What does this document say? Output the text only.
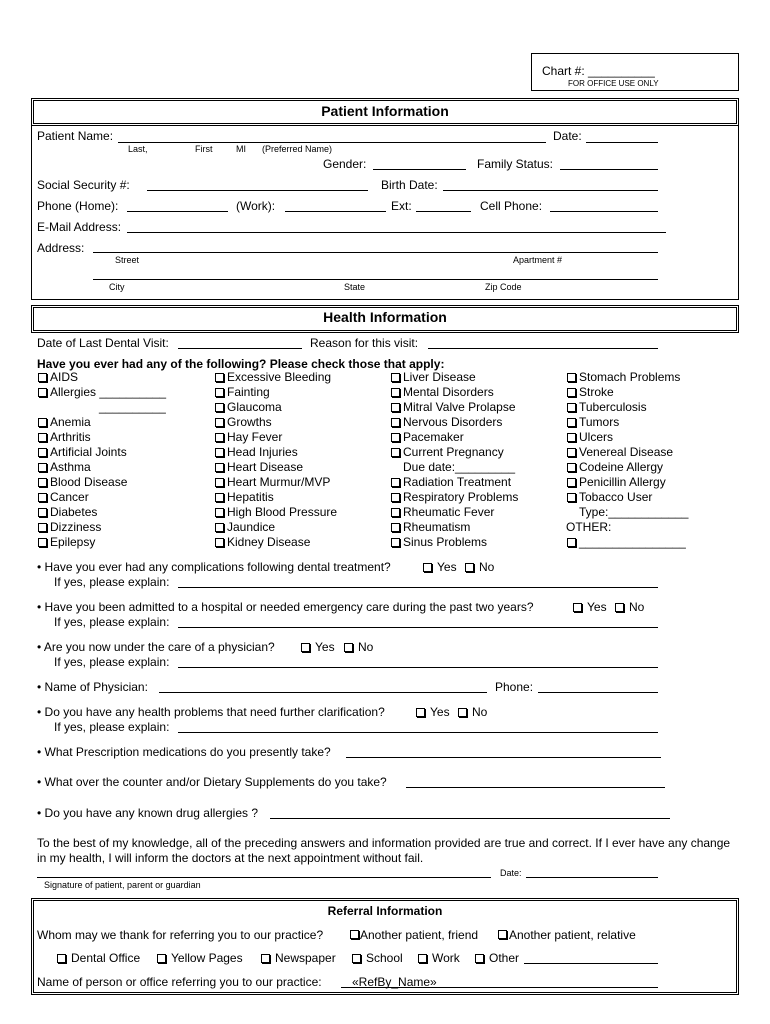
Chart #: __________
FOR OFFICE USE ONLY
Patient Information
Patient Name:	Date:
Last,	First	MI (Preferred Name)
Gender:	Family Status:
Social Security #:	Birth Date:
Phone (Home):	(Work):	Ext:	Cell Phone:
E-Mail Address:
Address:
Street	Apartment #
City	State	Zip Code
Health Information
Date of Last Dental Visit:	Reason for this visit:
Have you ever had any of the following? Please check those that apply:
AIDS
Allergies __________
__________
Anemia
Arthritis
Artificial Joints
Asthma
Blood Disease
Cancer
Diabetes
Dizziness
Epilepsy
Excessive Bleeding
Fainting
Glaucoma
Growths
Hay Fever
Head Injuries
Heart Disease
Heart Murmur/MVP
Hepatitis
High Blood Pressure
Jaundice
Kidney Disease
Liver Disease
Mental Disorders
Mitral Valve Prolapse
Nervous Disorders
Pacemaker
Current Pregnancy
Due date:_________
Radiation Treatment
Respiratory Problems
Rheumatic Fever
Rheumatism
Sinus Problems
Stomach Problems
Stroke
Tuberculosis
Tumors
Ulcers
Venereal Disease
Codeine Allergy
Penicillin Allergy
Tobacco User
Type:____________
OTHER:
________________
• Have you ever had any complications following dental treatment?	Yes No
If yes, please explain:
• Have you been admitted to a hospital or needed emergency care during the past two years?	Yes No
If yes, please explain:
• Are you now under the care of a physician?	Yes No
If yes, please explain:
• Name of Physician:	Phone:
• Do you have any health problems that need further clarification?	Yes No
If yes, please explain:
• What Prescription medications do you presently take?
• What over the counter and/or Dietary Supplements do you take?
• Do you have any known drug allergies ?
To the best of my knowledge, all of the preceding answers and information provided are true and correct. If I ever have any change in my health, I will inform the doctors at the next appointment without fail.
Date:
Signature of patient, parent or guardian
Referral Information
Whom may we thank for referring you to our practice?	Another patient, friend	Another patient, relative
Dental Office	Yellow Pages	Newspaper	School Work Other
Name of person or office referring you to our practice:	«RefBy_Name»
